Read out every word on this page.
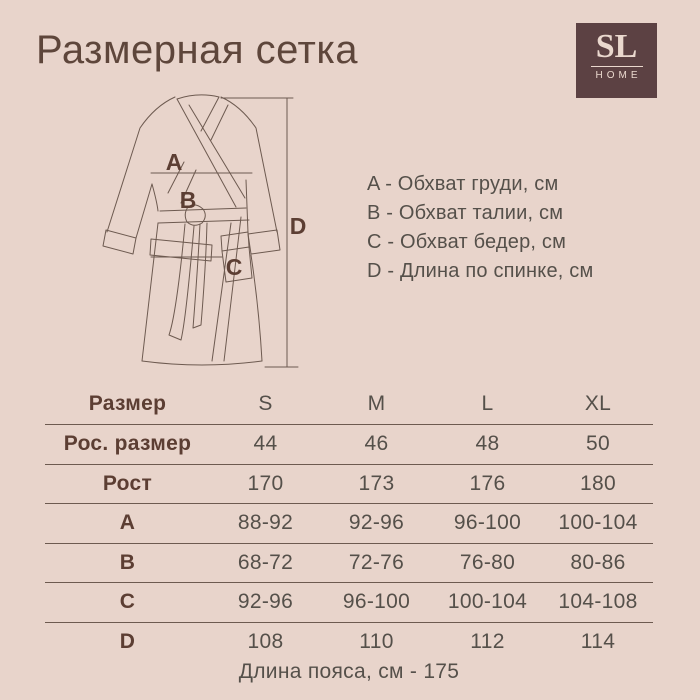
Размерная сетка	SL
HOME
A
B
C
D
A - Обхват груди, см
B - Обхват талии, см
C - Обхват бедер, см
D - Длина по спинке, см
Размер	S	M	L	XL
Рос. размер	44	46	48	50
Рост	170	173	176	180
A	88-92	92-96	96-100	100-104
B	68-72	72-76	76-80	80-86
C	92-96	96-100	100-104	104-108
D	108	110	112	114
Длина пояса, см - 175
